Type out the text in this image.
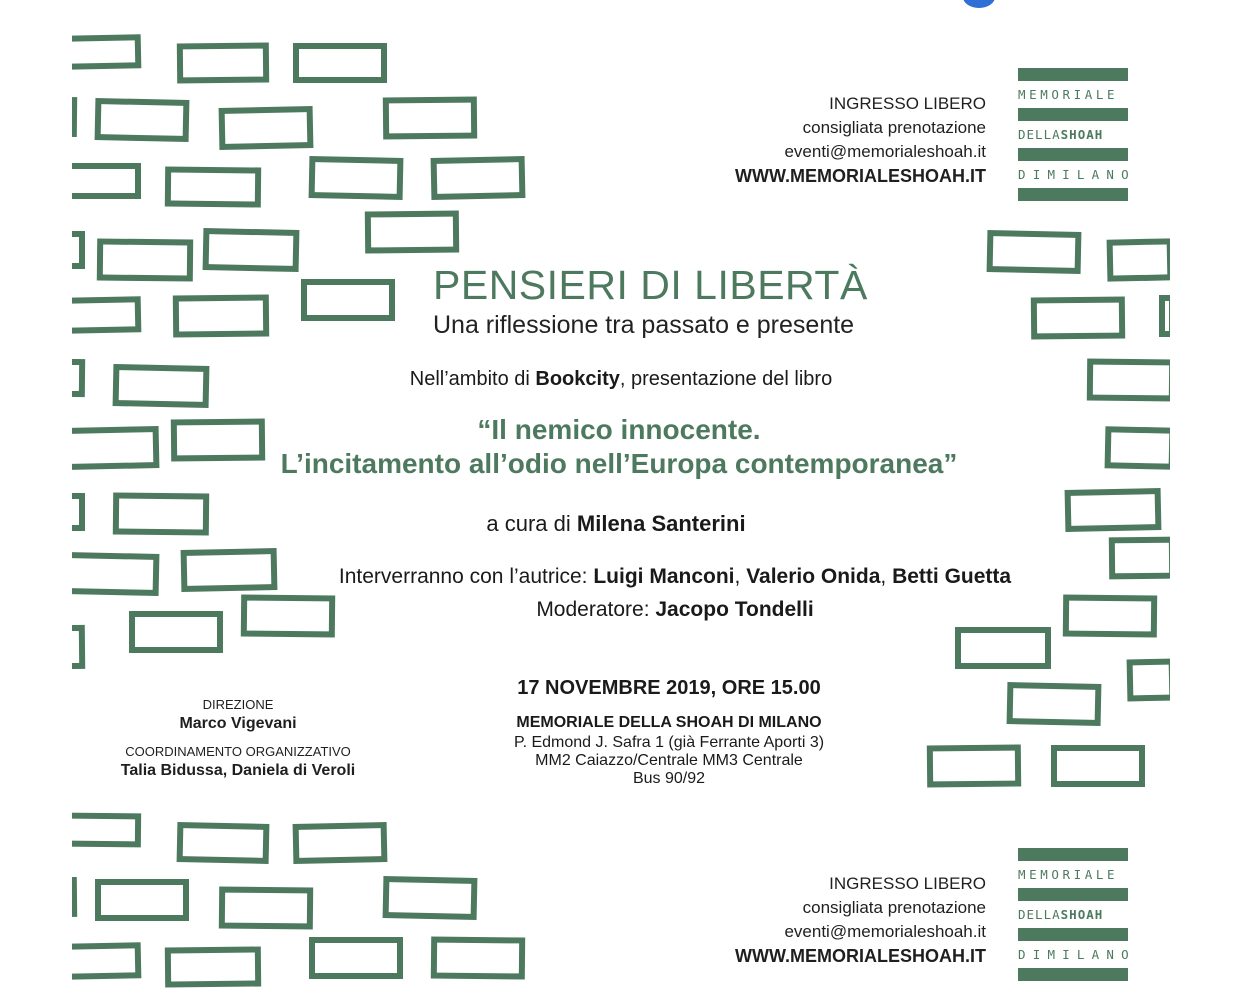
INGRESSO LIBERO
consigliata prenotazione
eventi@memorialeshoah.it
WWW.MEMORIALESHOAH.IT
MEMORIALE
DELLASHOAH
DIMILANO
PENSIERI DI LIBERTÀ
Una riflessione tra passato e presente
Nell’ambito di Bookcity, presentazione del libro
“Il nemico innocente.
L’incitamento all’odio nell’Europa contemporanea”
a cura di Milena Santerini
Interverranno con l’autrice: Luigi Manconi, Valerio Onida, Betti Guetta
Moderatore: Jacopo Tondelli
17 NOVEMBRE 2019, ORE 15.00
MEMORIALE DELLA SHOAH DI MILANO
P. Edmond J. Safra 1 (già Ferrante Aporti 3)
MM2 Caiazzo/Centrale MM3 Centrale
Bus 90/92
DIREZIONE
Marco Vigevani
COORDINAMENTO ORGANIZZATIVO
Talia Bidussa, Daniela di Veroli
INGRESSO LIBERO
consigliata prenotazione
eventi@memorialeshoah.it
WWW.MEMORIALESHOAH.IT
MEMORIALE
DELLASHOAH
DIMILANO
